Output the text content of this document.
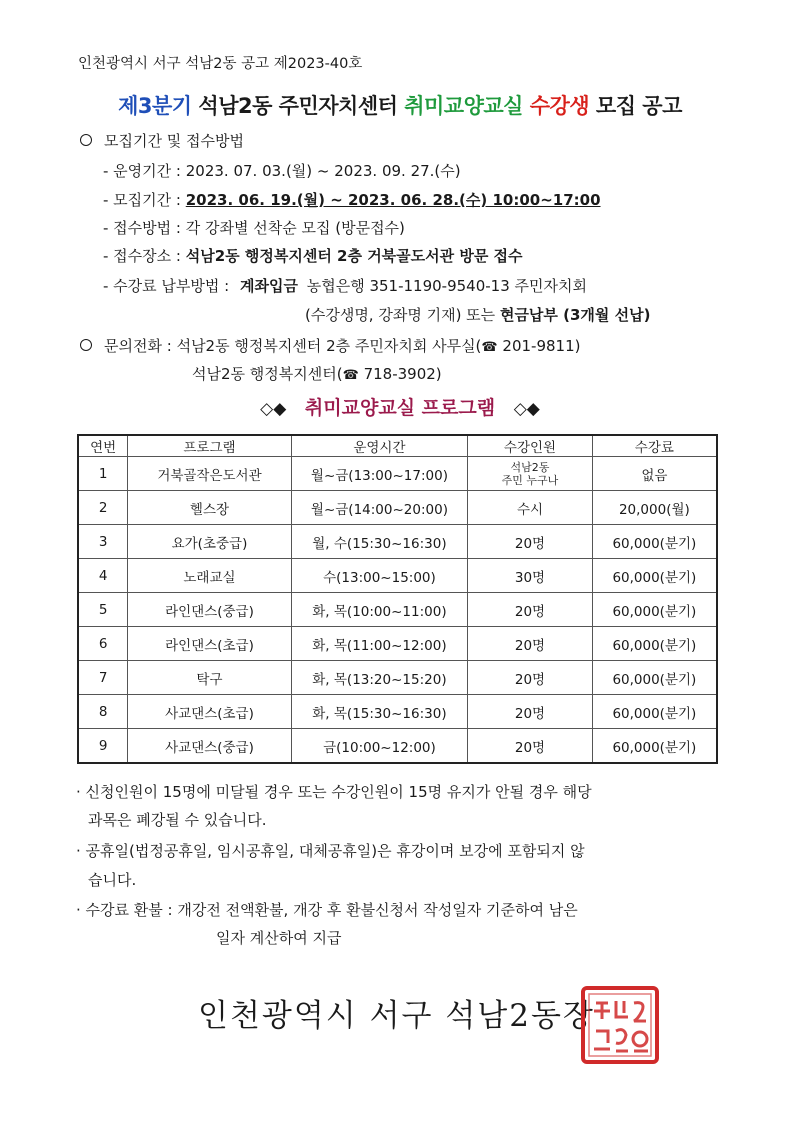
인천광역시 서구 석남2동 공고 제2023-40호
제3분기 석남2동 주민자치센터 취미교양교실 수강생 모집 공고
모집기간 및 접수방법
- 운영기간 : 2023. 07. 03.(월) ~ 2023. 09. 27.(수)
- 모집기간 : 2023. 06. 19.(월) ~ 2023. 06. 28.(수) 10:00~17:00
- 접수방법 : 각 강좌별 선착순 모집 (방문접수)
- 접수장소 : 석남2동 행정복지센터 2층 거북골도서관 방문 접수
- 수강료 납부방법 : 계좌입금 농협은행 351-1190-9540-13 주민자치회
(수강생명, 강좌명 기재) 또는 현금납부 (3개월 선납)
문의전화 : 석남2동 행정복지센터 2층 주민자치회 사무실(☎ 201-9811)
석남2동 행정복지센터(☎ 718-3902)
◇◆ 취미교양교실 프로그램 ◇◆
연번	프로그램	운영시간	수강인원	수강료
1	거북골작은도서관	월~금(13:00~17:00)	석남2동
주민 누구나	없음
2	헬스장	월~금(14:00~20:00)	수시	20,000(월)
3	요가(초중급)	월, 수(15:30~16:30)	20명	60,000(분기)
4	노래교실	수(13:00~15:00)	30명	60,000(분기)
5	라인댄스(중급)	화, 목(10:00~11:00)	20명	60,000(분기)
6	라인댄스(초급)	화, 목(11:00~12:00)	20명	60,000(분기)
7	탁구	화, 목(13:20~15:20)	20명	60,000(분기)
8	사교댄스(초급)	화, 목(15:30~16:30)	20명	60,000(분기)
9	사교댄스(중급)	금(10:00~12:00)	20명	60,000(분기)
· 신청인원이 15명에 미달될 경우 또는 수강인원이 15명 유지가 안될 경우 해당
과목은 폐강될 수 있습니다.
· 공휴일(법정공휴일, 임시공휴일, 대체공휴일)은 휴강이며 보강에 포함되지 않
습니다.
· 수강료 환불 : 개강전 전액환불, 개강 후 환불신청서 작성일자 기준하여 남은
일자 계산하여 지급
인천광역시 서구 석남2동장
